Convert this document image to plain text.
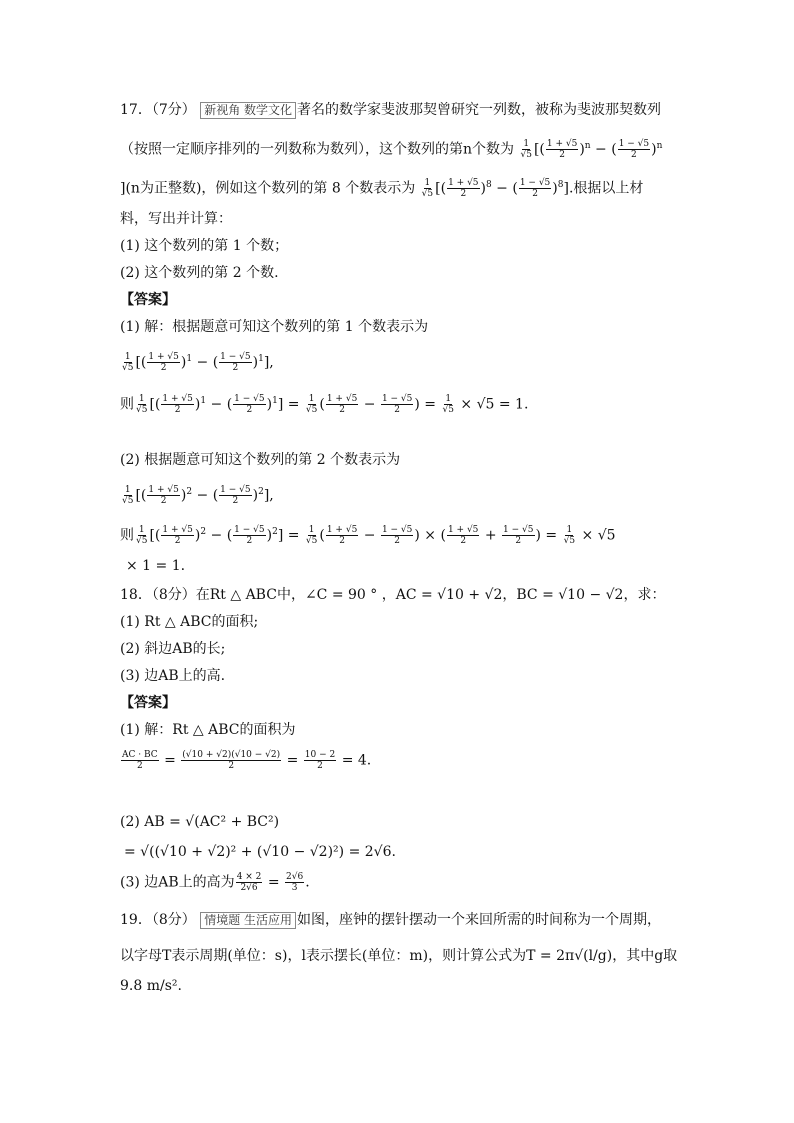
17．（7分） 新视角 数学文化 著名的数学家斐波那契曾研究一列数，被称为斐波那契数列
（按照一定顺序排列的一列数称为数列），这个数列的第n个数为 $\frac{1}{√5}$ [( $\frac{1 + √5}{2} )^n$ − ( $\frac{1 - √5}{2} )^n$
](n为正整数)，例如这个数列的第 8 个数表示为 $\frac{1}{√5}$ [( $\frac{1 + √5}{2} )^8$ − ( $\frac{1 - √5}{2} )^8$].根据以上材
料，写出并计算：
(1) 这个数列的第 1 个数；
(2) 这个数列的第 2 个数.
【答案】
(1) 解：根据题意可知这个数列的第 1 个数表示为
$\frac{1}{√5}$ [( $\frac{1 + √5}{2} )^1$ − ( $\frac{1 - √5}{2} )^1$],
则 $\frac{1}{√5}$ [( $\frac{1 + √5}{2} )^1$ − ( $\frac{1 - √5}{2} )^1] = \frac{1}{√5}$ ( $\frac{1 + √5}{2} - \frac{1 - √5}{2}$ ) = $\frac{1}{√5} \times √5 = 1$.
(2) 根据题意可知这个数列的第 2 个数表示为
$\frac{1}{√5}$ [( $\frac{1 + √5}{2} )^2$ − ( $\frac{1 - √5}{2} )^2$],
则 $\frac{1}{√5}$ [( $\frac{1 + √5}{2} )^2$ − ( $\frac{1 - √5}{2} )^2] = \frac{1}{√5}$ ( $\frac{1 + √5}{2} - \frac{1 - √5}{2}$ ) × ( $\frac{1 + √5}{2} + \frac{1 - √5}{2}$ ) = $\frac{1}{√5} \times √5$
× 1 = 1.
18．（8分）在Rt △ ABC中，∠C = 90 ° ，AC = √10 + √2，BC = √10 − √2，求：
(1) Rt △ ABC的面积;
(2) 斜边AB的长;
(3) 边AB上的高.
【答案】
(1) 解：Rt △ ABC的面积为
$\frac{AC \cdot BC}{2} = \frac{(√10 + √2)(√10 - √2)}{2} = \frac{10 - 2}{2} = 4$.
(2) AB = √(AC² + BC²)
= √((√10 + √2)² + (√10 − √2)²) = 2√6.
(3) 边AB上的高为 $\frac{4 \times 2}{2√6} = \frac{2√6}{3}$ .
19．（8分） 情境题 生活应用 如图，座钟的摆针摆动一个来回所需的时间称为一个周期，
以字母T表示周期(单位：s)，l表示摆长(单位：m)，则计算公式为T = 2π√(l/g)，其中g取
9.8 m/s².
